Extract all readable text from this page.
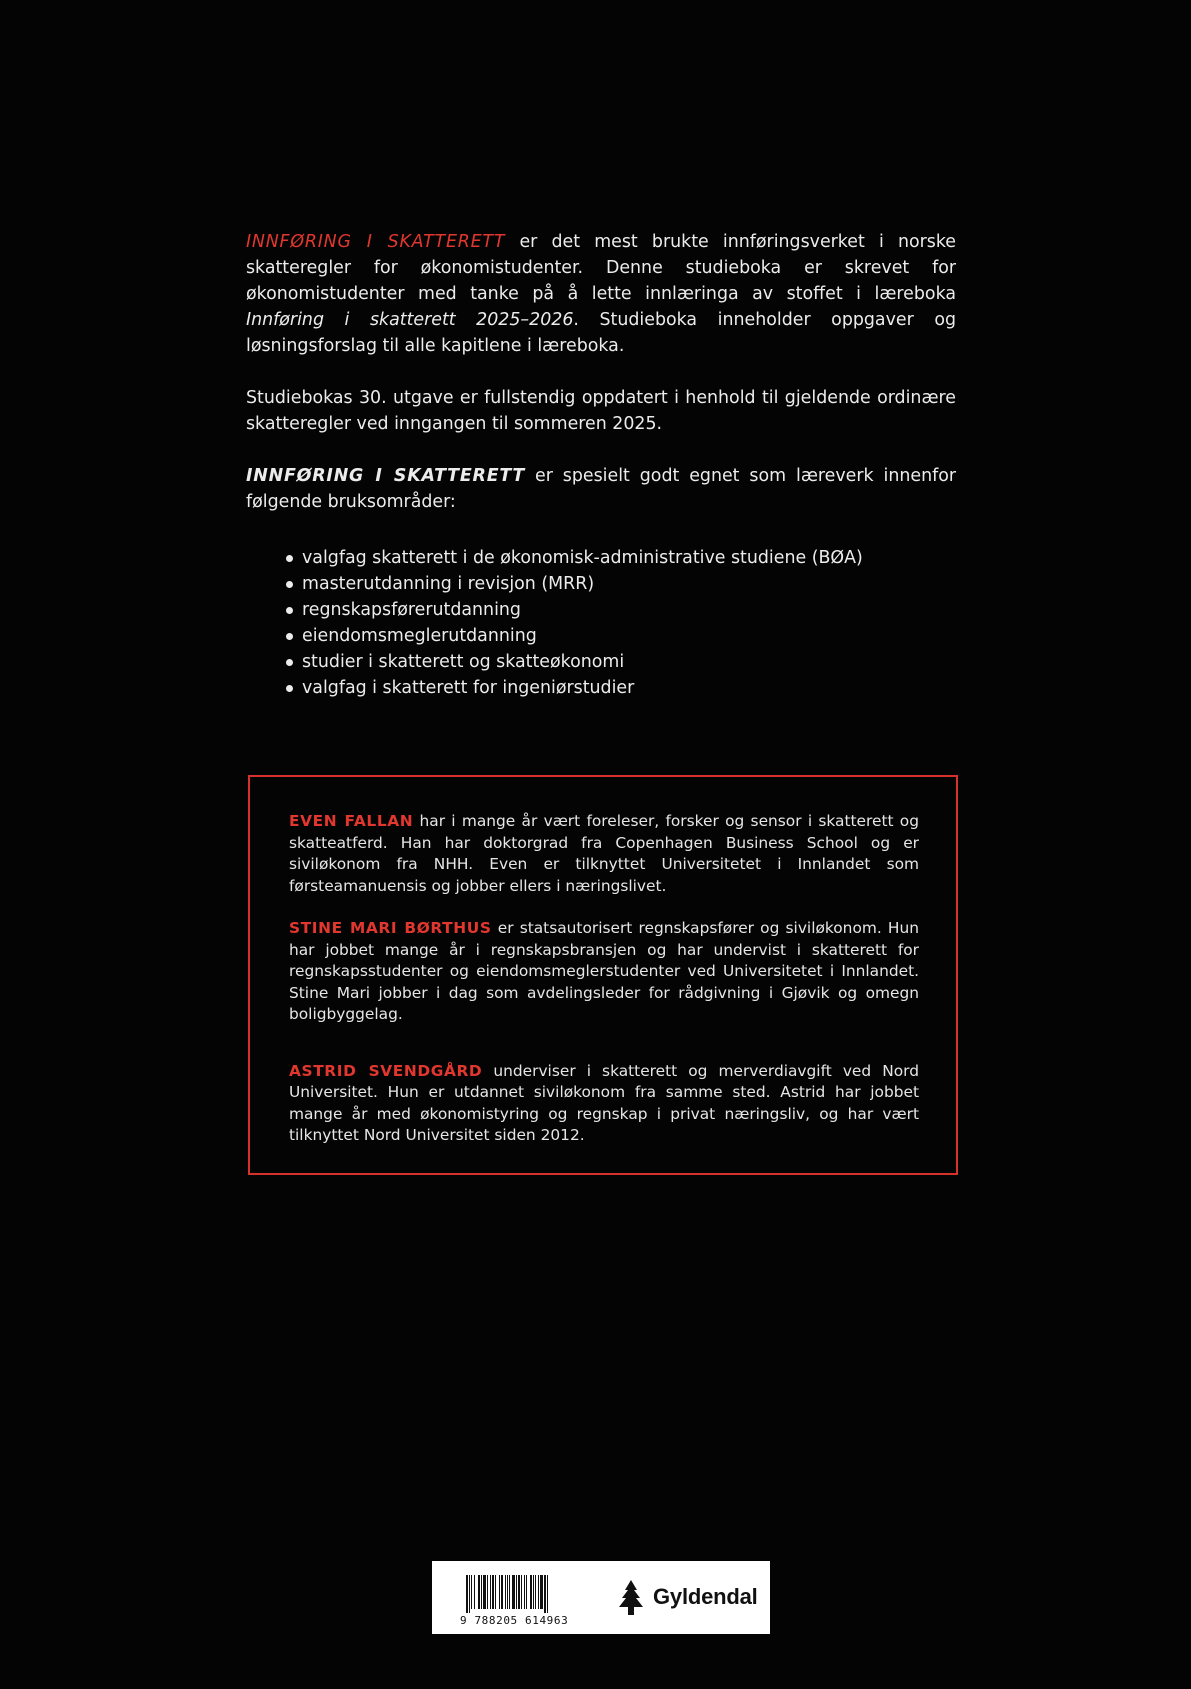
INNFØRING I SKATTERETT er det mest brukte innføringsverket i norske skatteregler for økonomistudenter. Denne studieboka er skrevet for økonomistudenter med tanke på å lette innlæringa av stoffet i læreboka Innføring i skatterett 2025–2026. Studieboka inneholder oppgaver og løsningsforslag til alle kapitlene i læreboka.

Studiebokas 30. utgave er fullstendig oppdatert i henhold til gjeldende ordinære skatteregler ved inngangen til sommeren 2025.

INNFØRING I SKATTERETT er spesielt godt egnet som læreverk innenfor følgende bruksområder:

valgfag skatterett i de økonomisk-administrative studiene (BØA)
masterutdanning i revisjon (MRR)
regnskapsførerutdanning
eiendomsmeglerutdanning
studier i skatterett og skatteøkonomi
valgfag i skatterett for ingeniørstudier

EVEN FALLAN har i mange år vært foreleser, forsker og sensor i skatterett og skatteatferd. Han har doktorgrad fra Copenhagen Business School og er siviløkonom fra NHH. Even er tilknyttet Universitetet i Innlandet som førsteamanuensis og jobber ellers i næringslivet.

STINE MARI BØRTHUS er statsautorisert regnskapsfører og siviløkonom. Hun har jobbet mange år i regnskapsbransjen og har undervist i skatterett for regnskapsstudenter og eiendomsmeglerstudenter ved Universitetet i Innlandet. Stine Mari jobber i dag som avdelingsleder for rådgivning i Gjøvik og omegn boligbyggelag.

ASTRID SVENDGÅRD underviser i skatterett og merverdiavgift ved Nord Universitet. Hun er utdannet siviløkonom fra samme sted. Astrid har jobbet mange år med økonomistyring og regnskap i privat næringsliv, og har vært tilknyttet Nord Universitet siden 2012.

9 788205 614963
Gyldendal
